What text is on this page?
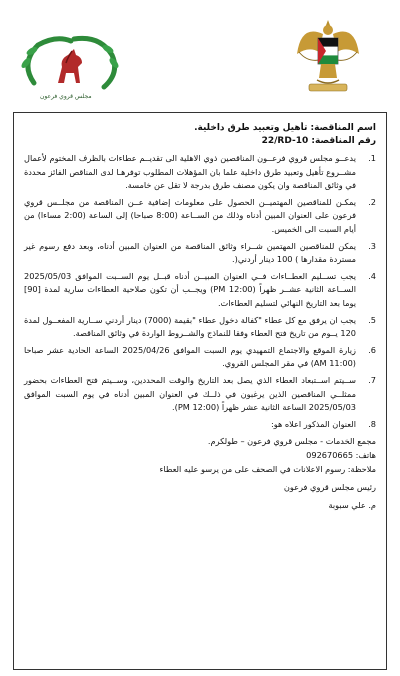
مجلس قروي فرعون
اسم المناقصة: تأهيل وتعبيد طرق داخلية.
رقم المناقصة: 22/RD-10
1.
يدعــو مجلس قروي فرعــون المناقصين ذوي الاهلية الى تقديــم عطاءات بالظرف المختوم لأعمال مشــروع تأهيل وتعبيد طرق داخلية علما بان المؤهلات المطلوب توفرهـا لدى المناقص الفائز محددة في وثائق المناقصة وان يكون مصنف طرق بدرجة لا تقل عن خامسة.
2.
يمكـن للمناقصين المهتميــن الحصول على معلومات إضافية عــن المناقصة من مجلــس قروي فرعون على العنوان المبين أدناه وذلك من الســاعة (8:00 صباحا) إلى الساعة (2:00 مساءا) من أيام السبت الى الخميس.
3.
يمكن للمناقصين المهتمين شــراء وثائق المناقصة من العنوان المبين أدناه، وبعد دفع رسوم غير مستردة مقدارها ) 100 دينار أردني(.
4.
يجب تســليم العطــاءات فــي العنوان المبيــن أدناه قبــل يوم الســبت الموافق 2025/05/03 الســاعة الثانية عشــر ظهراً (12:00 PM) ويجــب أن تكون صلاحية العطاءات سارية لمدة [90] يوما بعد التاريخ النهائي لتسليم العطاءات.
5.
يجب ان يرفق مع كل عطاء "كفالة دخول عطاء "بقيمة (7000) دينار أردني ســارية المفعــول لمدة 120 يــوم من تاريخ فتح العطاء وفقا للنماذج والشــروط الواردة في وثائق المناقصة.
6.
زيارة الموقع والاجتماع التمهيدي يوم السبت الموافق 2025/04/26 الساعة الحادية عشر صباحا (11:00 AM) في مقر المجلس القروي.
7.
ســيتم اســتبعاد العطاء الذي يصل بعد التاريخ والوقت المحددين، وســيتم فتح العطاءات بحضور ممثلــي المناقصين الذين يرغبون في ذلــك في العنوان المبين أدناه في يوم السبت الموافق 2025/05/03 الساعة الثانية عشر ظهراً (12:00 PM).
8.
العنوان المذكور اعلاه هو:
مجمع الخدمات - مجلس قروي فرعون – طولكرم.
هاتف: 092670665
ملاحظة: رسوم الاعلانات في الصحف على من يرسو عليه العطاء
رئيس مجلس قروي فرعون
م. علي سبوبة
